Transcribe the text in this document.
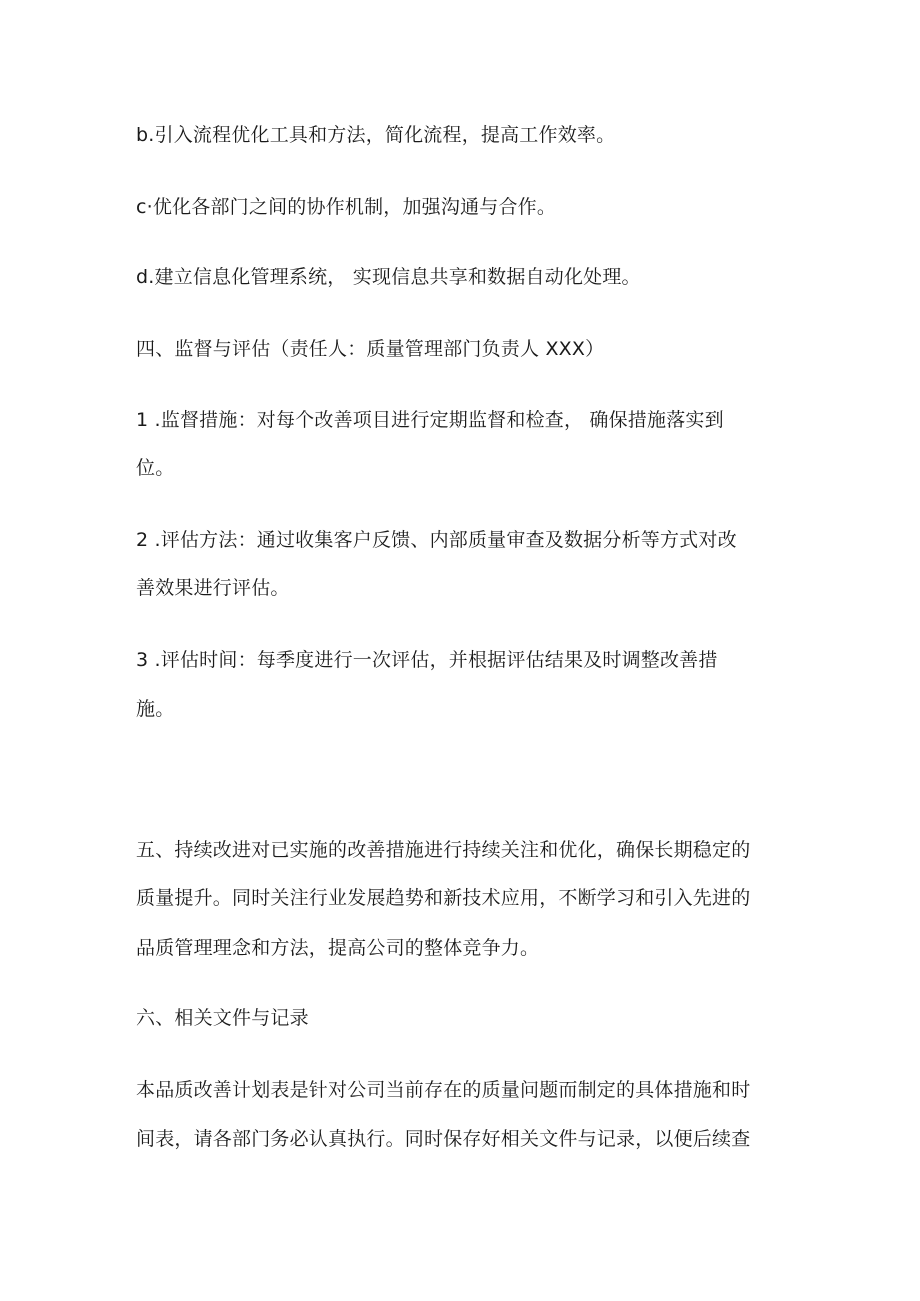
b.引入流程优化工具和方法，简化流程，提高工作效率。
c·优化各部门之间的协作机制，加强沟通与合作。
d.建立信息化管理系统， 实现信息共享和数据自动化处理。
四、监督与评估（责任人：质量管理部门负责人 XXX）
1 .监督措施：对每个改善项目进行定期监督和检查， 确保措施落实到
位。
2 .评估方法：通过收集客户反馈、内部质量审查及数据分析等方式对改
善效果进行评估。
3 .评估时间：每季度进行一次评估，并根据评估结果及时调整改善措
施。
五、持续改进对已实施的改善措施进行持续关注和优化，确保长期稳定的
质量提升。同时关注行业发展趋势和新技术应用，不断学习和引入先进的
品质管理理念和方法，提高公司的整体竞争力。
六、相关文件与记录
本品质改善计划表是针对公司当前存在的质量问题而制定的具体措施和时
间表，请各部门务必认真执行。同时保存好相关文件与记录，以便后续查
